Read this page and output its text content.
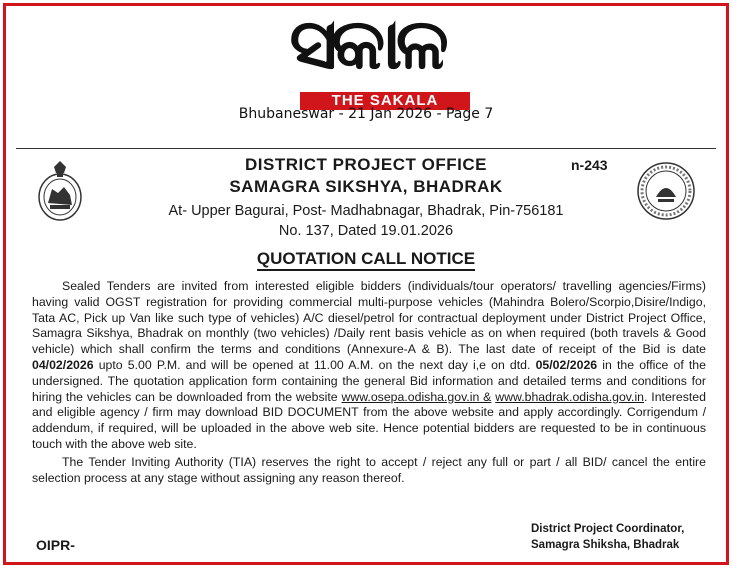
ସକାଳ
THE SAKALA
Bhubaneswar - 21 Jan 2026 - Page 7
n-243
DISTRICT PROJECT OFFICE
SAMAGRA SIKSHYA, BHADRAK
At- Upper Bagurai, Post- Madhabnagar, Bhadrak, Pin-756181
No. 137, Dated 19.01.2026
QUOTATION CALL NOTICE

Sealed Tenders are invited from interested eligible bidders (individuals/tour operators/ travelling agencies/Firms) having valid OGST registration for providing commercial multi-purpose vehicles (Mahindra Bolero/Scorpio,Disire/Indigo, Tata AC, Pick up Van like such type of vehicles) A/C diesel/petrol for contractual deployment under District Project Office, Samagra Sikshya, Bhadrak on monthly (two vehicles) /Daily rent basis vehicle as on when required (both travels & Good vehicle) which shall confirm the terms and conditions (Annexure-A & B). The last date of receipt of the Bid is date 04/02/2026 upto 5.00 P.M. and will be opened at 11.00 A.M. on the next day i,e on dtd. 05/02/2026 in the office of the undersigned. The quotation application form containing the general Bid information and detailed terms and conditions for hiring the vehicles can be downloaded from the website www.osepa.odisha.gov.in & www.bhadrak.odisha.gov.in. Interested and eligible agency / firm may download BID DOCUMENT from the above website and apply accordingly. Corrigendum / addendum, if required, will be uploaded in the above web site. Hence potential bidders are requested to be in continuous touch with the above web site.

The Tender Inviting Authority (TIA) reserves the right to accept / reject any full or part / all BID/ cancel the entire selection process at any stage without assigning any reason thereof.

District Project Coordinator,
Samagra Shiksha, Bhadrak
OIPR-
